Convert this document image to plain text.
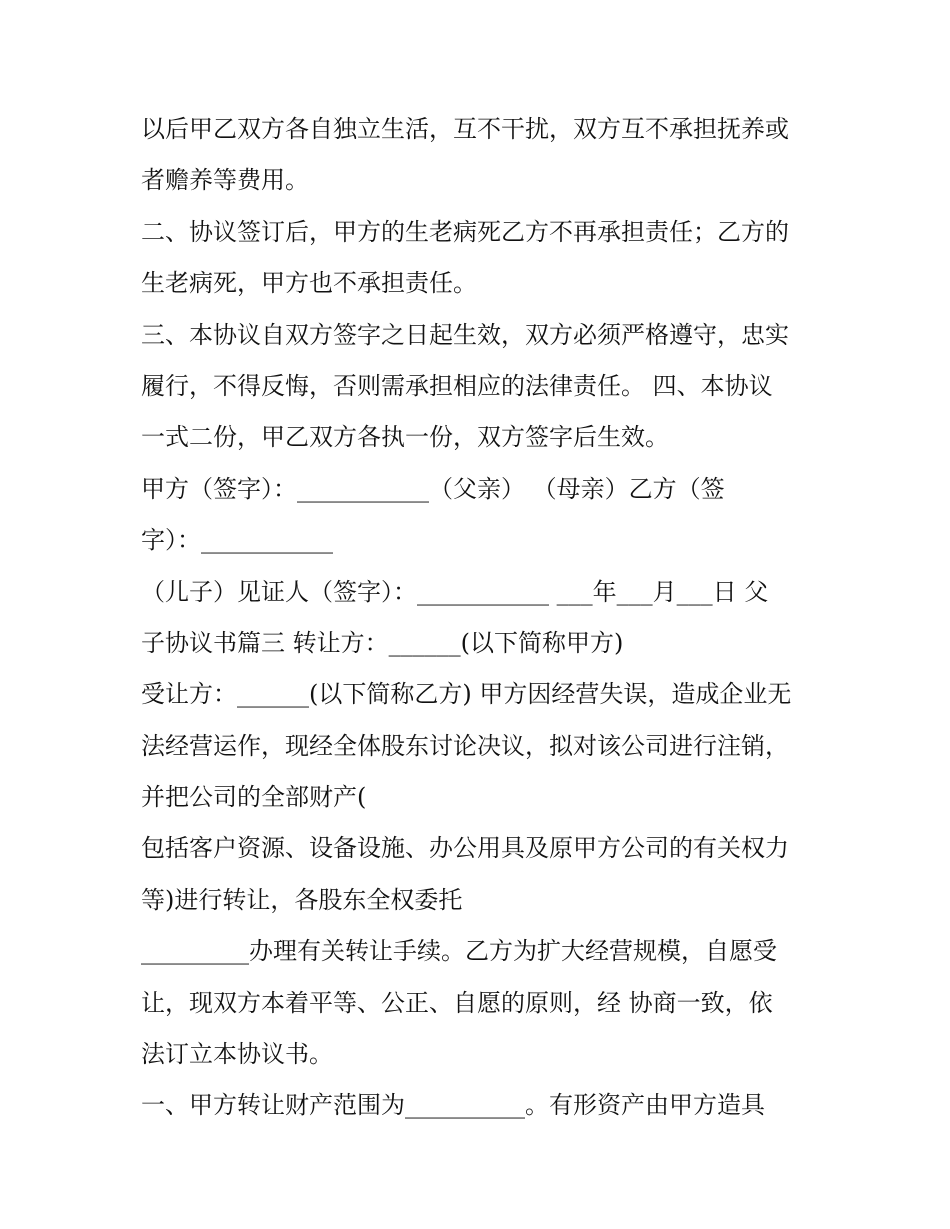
以后甲乙双方各自独立生活，互不干扰，双方互不承担抚养或
者赡养等费用。
二、协议签订后，甲方的生老病死乙方不再承担责任；乙方的
生老病死，甲方也不承担责任。
三、本协议自双方签字之日起生效，双方必须严格遵守，忠实
履行，不得反悔，否则需承担相应的法律责任。 四、本协议
一式二份，甲乙双方各执一份，双方签字后生效。
甲方（签字）：___________（父亲） （母亲）乙方（签
字）：___________
（儿子）见证人（签字）：___________ ___年___月___日 父
子协议书篇三 转让方：______(以下简称甲方)
受让方：______(以下简称乙方) 甲方因经营失误，造成企业无
法经营运作，现经全体股东讨论决议，拟对该公司进行注销，
并把公司的全部财产(
包括客户资源、设备设施、办公用具及原甲方公司的有关权力
等)进行转让，各股东全权委托
_________办理有关转让手续。乙方为扩大经营规模，自愿受
让，现双方本着平等、公正、自愿的原则，经 协商一致，依
法订立本协议书。
一、甲方转让财产范围为__________。有形资产由甲方造具
